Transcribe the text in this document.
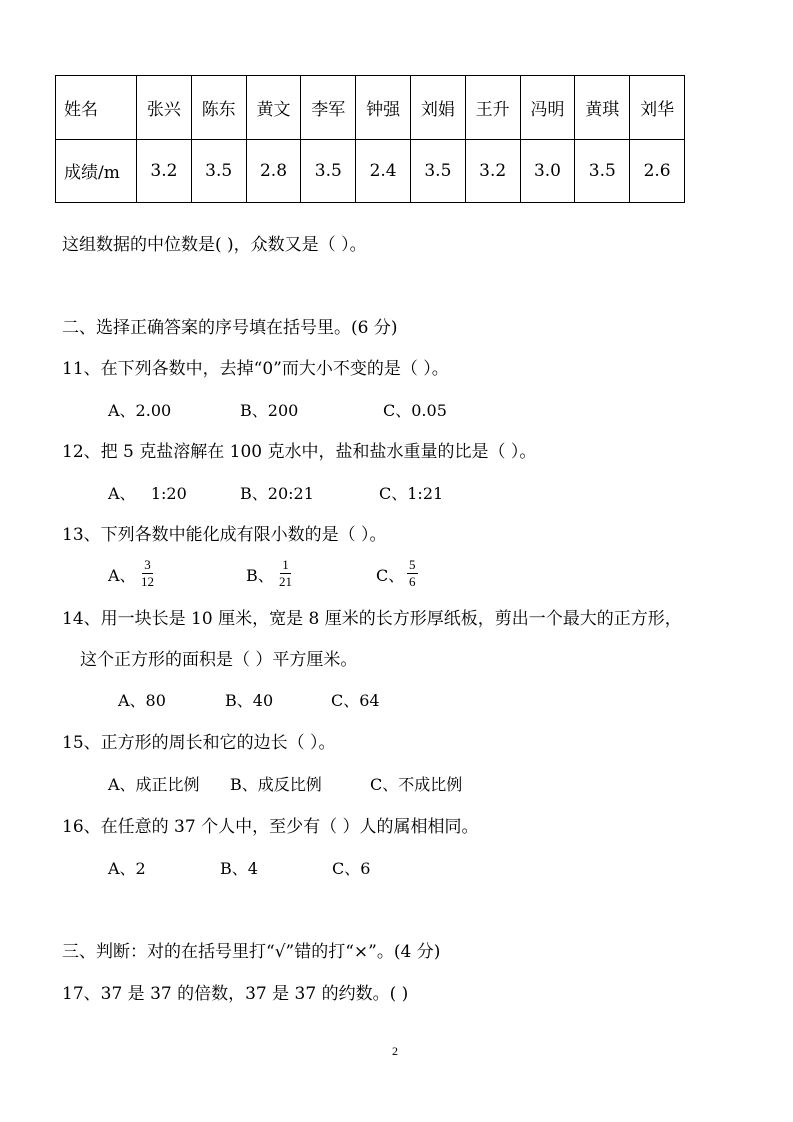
姓名	张兴	陈东	黄文	李军	钟强	刘娟	王升	冯明	黄琪	刘华
成绩/m	3.2	3.5	2.8	3.5	2.4	3.5	3.2	3.0	3.5	2.6
这组数据的中位数是( )，众数又是（ ）。
二、选择正确答案的序号填在括号里。(6 分)
11、在下列各数中，去掉“0”而大小不变的是（ ）。
A、2.00	B、200	C、0.05
12、把 5 克盐溶解在 100 克水中，盐和盐水重量的比是（ ）。
A、   1:20	B、20:21	C、1:21
13、下列各数中能化成有限小数的是（ ）。
A、 $\frac{3}{12}$	B、 $\frac{1}{21}$	C、 $\frac{5}{6}$
14、用一块长是 10 厘米，宽是 8 厘米的长方形厚纸板，剪出一个最大的正方形，
这个正方形的面积是（ ）平方厘米。
A、80	B、40	C、64
15、正方形的周长和它的边长（ ）。
A、成正比例 B、成反比例	C、不成比例
16、在任意的 37 个人中，至少有（ ）人的属相相同。
A、2	B、4	C、6
三、判断：对的在括号里打“√”错的打“×”。(4 分)
17、37 是 37 的倍数，37 是 37 的约数。( )
2
